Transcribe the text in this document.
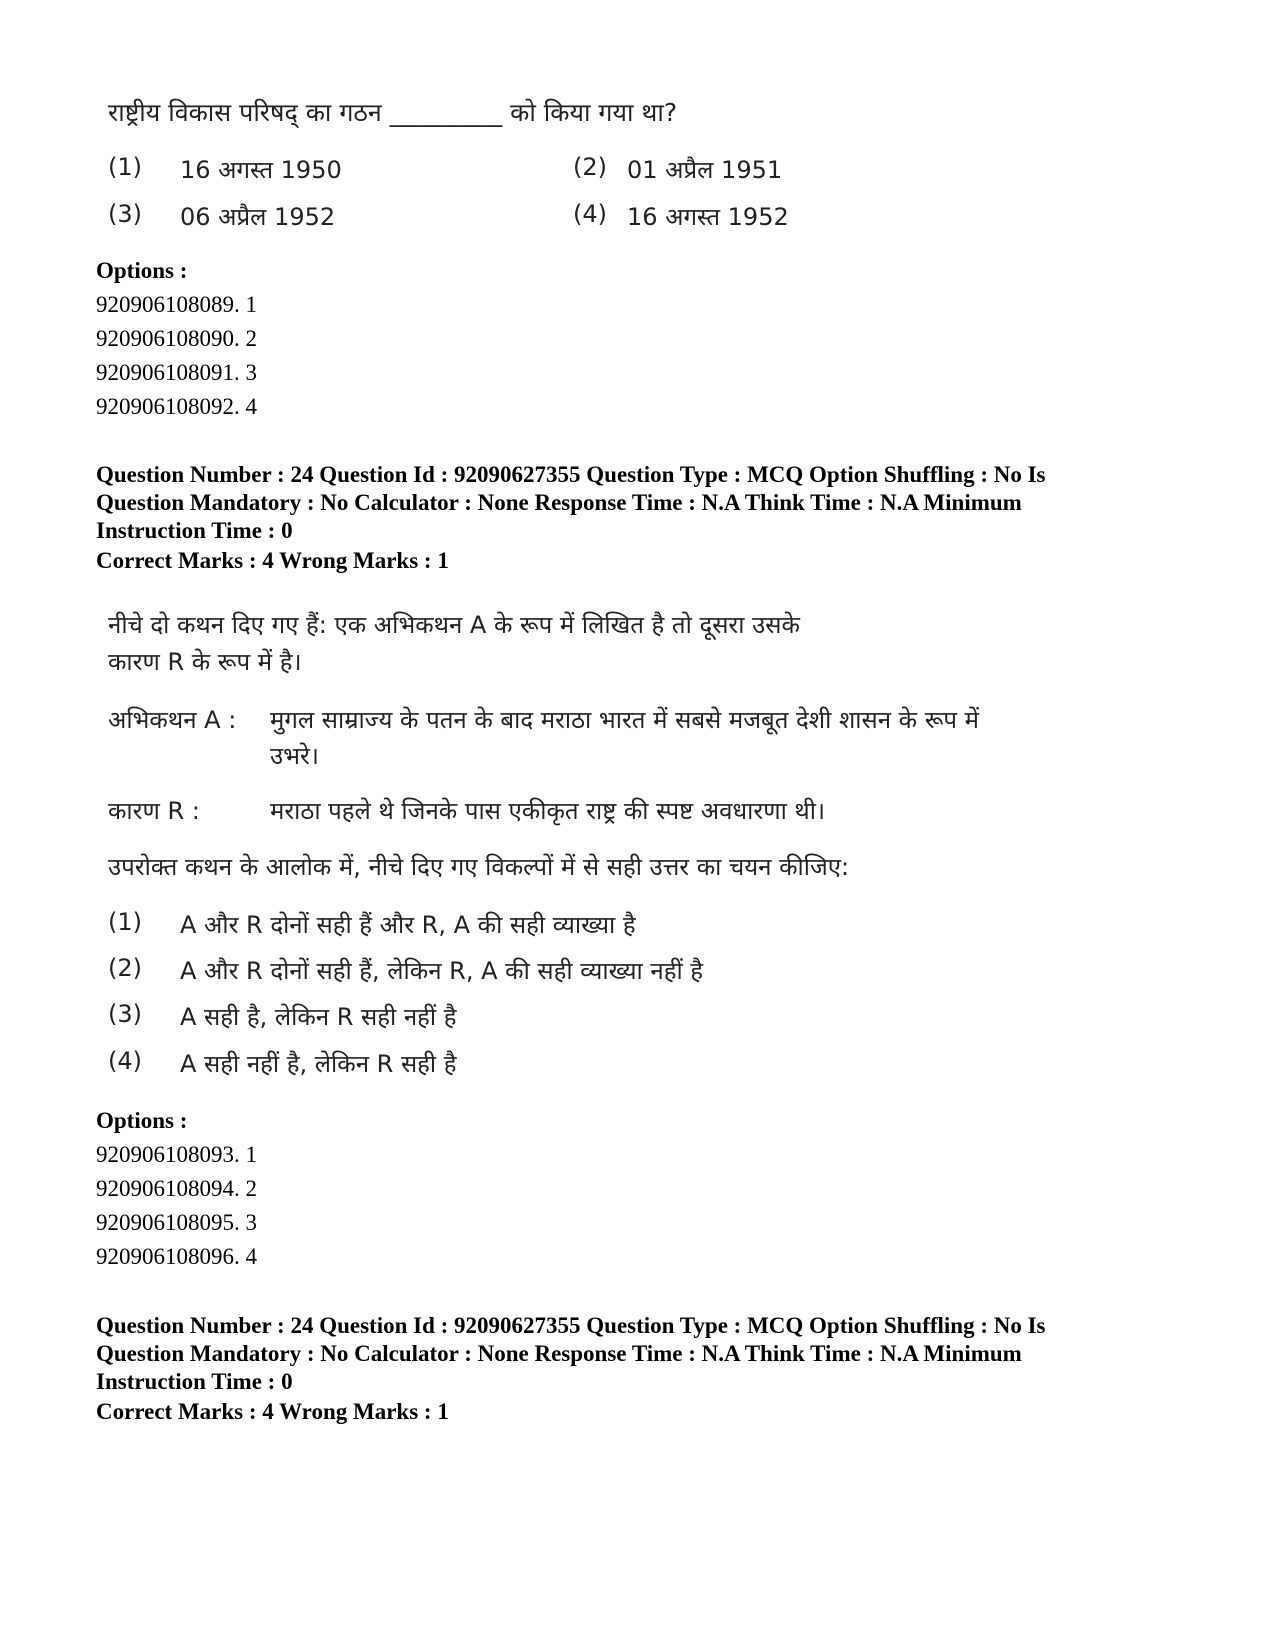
राष्ट्रीय विकास परिषद् का गठन _________ को किया गया था?
(1) 16 अगस्त 1950	(2) 01 अप्रैल 1951
(3) 06 अप्रैल 1952	(4) 16 अगस्त 1952
Options :
920906108089. 1
920906108090. 2
920906108091. 3
920906108092. 4
Question Number : 24 Question Id : 92090627355 Question Type : MCQ Option Shuffling : No Is
Question Mandatory : No Calculator : None Response Time : N.A Think Time : N.A Minimum
Instruction Time : 0
Correct Marks : 4 Wrong Marks : 1
नीचे दो कथन दिए गए हैं: एक अभिकथन A के रूप में लिखित है तो दूसरा उसके
कारण R के रूप में है।
अभिकथन A : मुगल साम्राज्य के पतन के बाद मराठा भारत में सबसे मजबूत देशी शासन के रूप में
उभरे।
कारण R :	मराठा पहले थे जिनके पास एकीकृत राष्ट्र की स्पष्ट अवधारणा थी।
उपरोक्त कथन के आलोक में, नीचे दिए गए विकल्पों में से सही उत्तर का चयन कीजिए:
(1) A और R दोनों सही हैं और R, A की सही व्याख्या है
(2) A और R दोनों सही हैं, लेकिन R, A की सही व्याख्या नहीं है
(3) A सही है, लेकिन R सही नहीं है
(4) A सही नहीं है, लेकिन R सही है
Options :
920906108093. 1
920906108094. 2
920906108095. 3
920906108096. 4
Question Number : 24 Question Id : 92090627355 Question Type : MCQ Option Shuffling : No Is
Question Mandatory : No Calculator : None Response Time : N.A Think Time : N.A Minimum
Instruction Time : 0
Correct Marks : 4 Wrong Marks : 1
